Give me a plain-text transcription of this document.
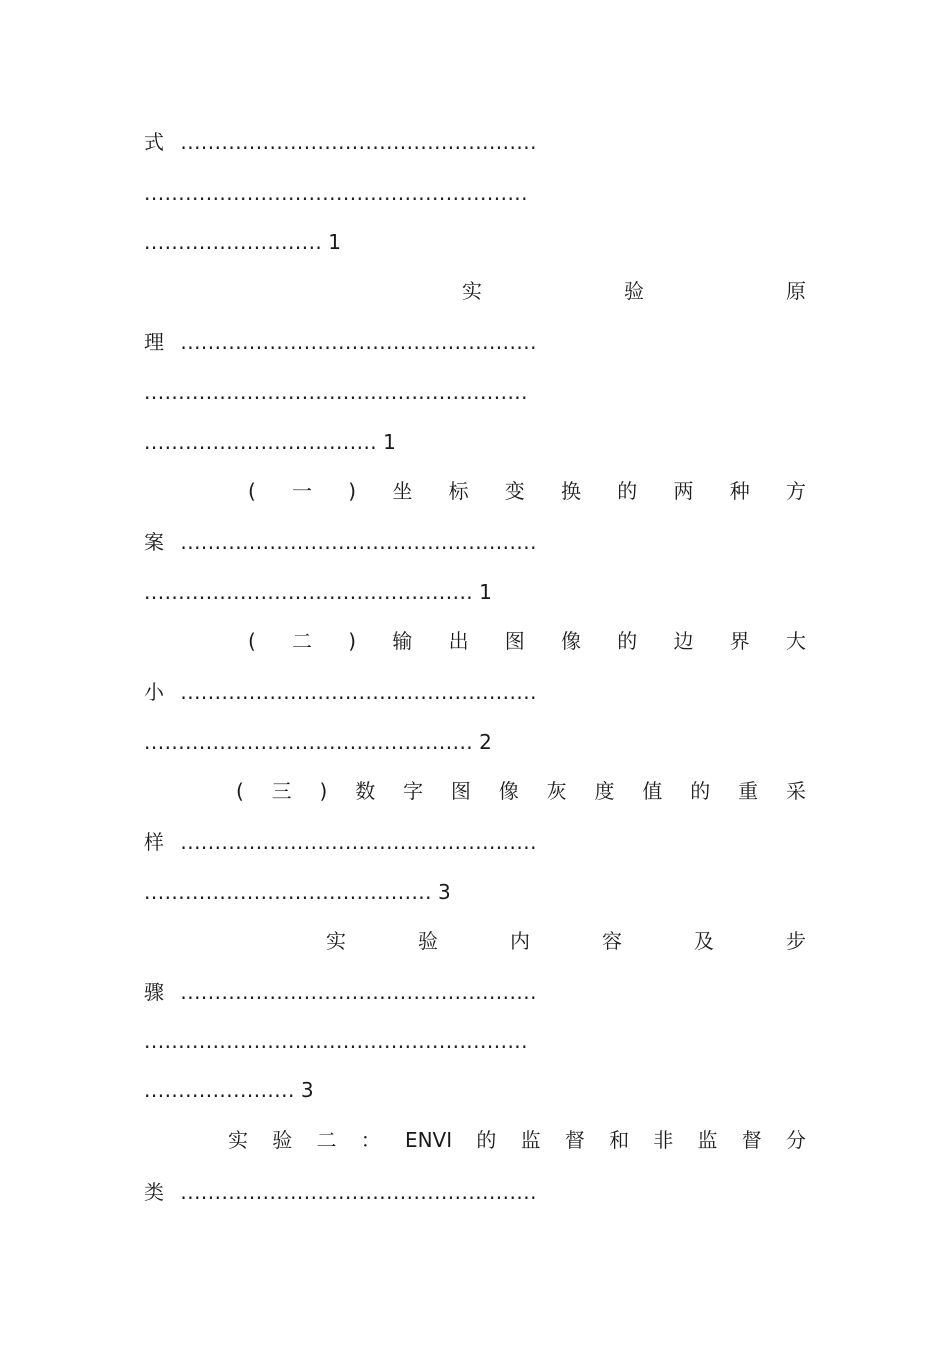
式 ....................................................
........................................................
.......................... 1
实	验	原
理 ....................................................
........................................................
.................................. 1
( 一 ) 坐 标 变 换 的 两 种 方
案 ....................................................
................................................ 1
( 二 ) 输 出 图 像 的 边 界 大
小 ....................................................
................................................ 2
( 三 ) 数 字 图 像 灰 度 值 的 重 采
样 ....................................................
.......................................... 3
实	验	内	容	及	步
骤 ....................................................
........................................................
...................... 3
实 验 二 ： ENVI 的 监 督 和 非 监 督 分
类 ....................................................
